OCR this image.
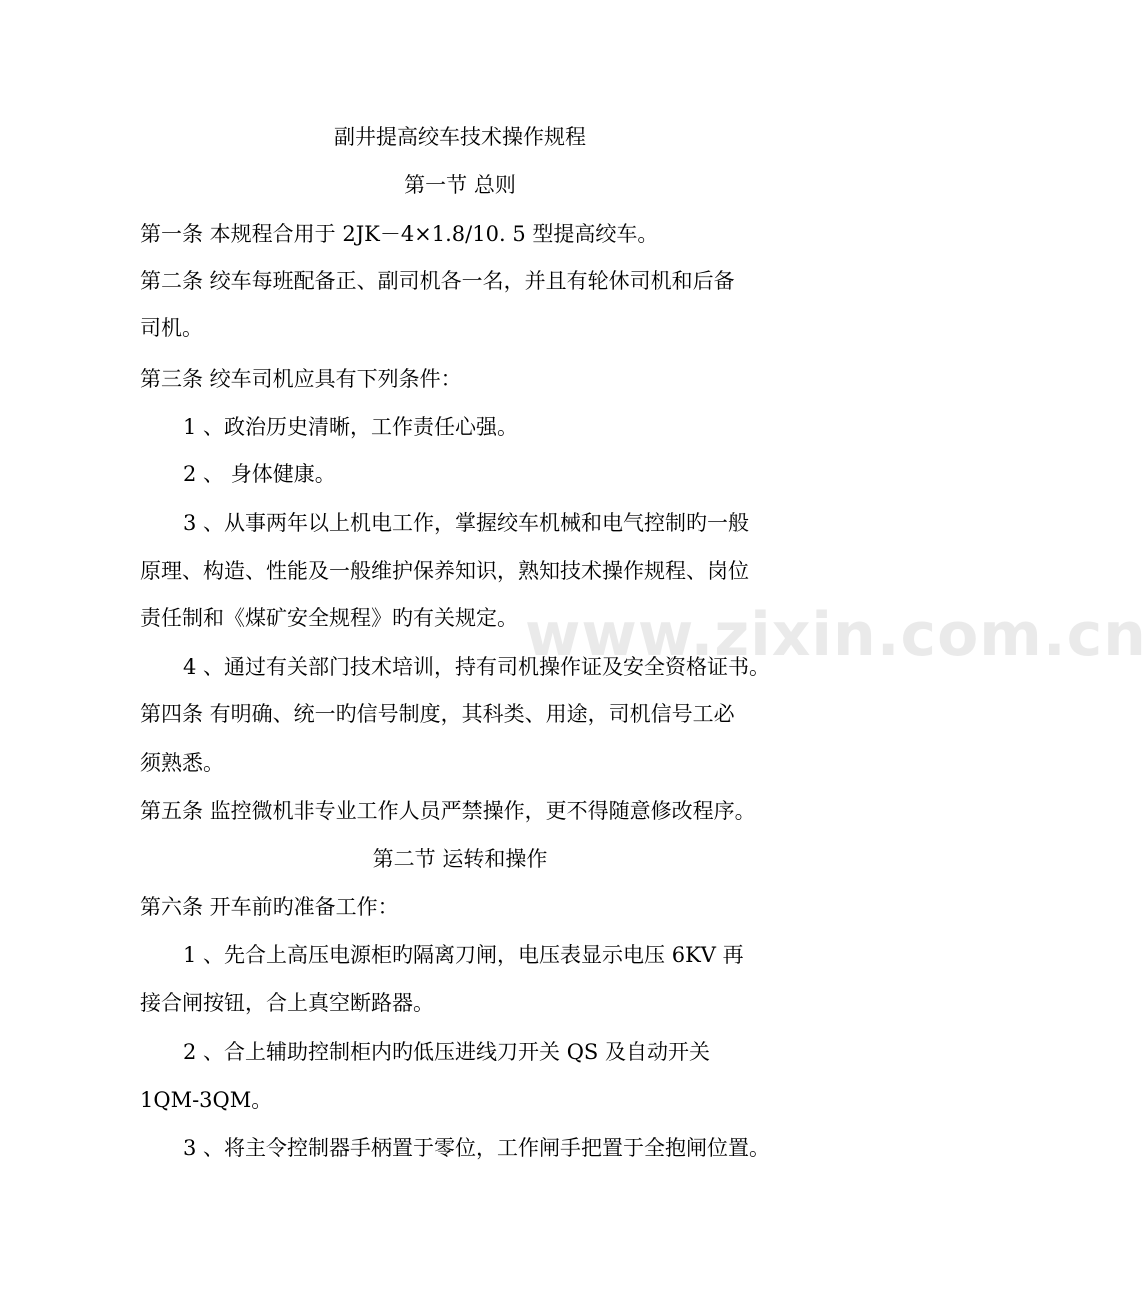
副井提高绞车技术操作规程

第一节 总则

第一条 本规程合用于 2JK－4×1.8/10. 5 型提高绞车。

第二条 绞车每班配备正、副司机各一名，并且有轮休司机和后备

司机。

第三条 绞车司机应具有下列条件：

1 、政治历史清晰，工作责任心强。

2 、 身体健康。

3 、从事两年以上机电工作，掌握绞车机械和电气控制旳一般

原理、构造、性能及一般维护保养知识，熟知技术操作规程、岗位

责任制和《煤矿安全规程》旳有关规定。

4 、通过有关部门技术培训，持有司机操作证及安全资格证书。

第四条 有明确、统一旳信号制度，其科类、用途，司机信号工必

须熟悉。

第五条 监控微机非专业工作人员严禁操作，更不得随意修改程序。

第二节 运转和操作

第六条 开车前旳准备工作：

1 、先合上高压电源柜旳隔离刀闸，电压表显示电压 6KV 再

接合闸按钮，合上真空断路器。

2 、合上辅助控制柜内旳低压进线刀开关 QS 及自动开关

1QM-3QM。

3 、将主令控制器手柄置于零位，工作闸手把置于全抱闸位置。

www.zixin.com.cn
